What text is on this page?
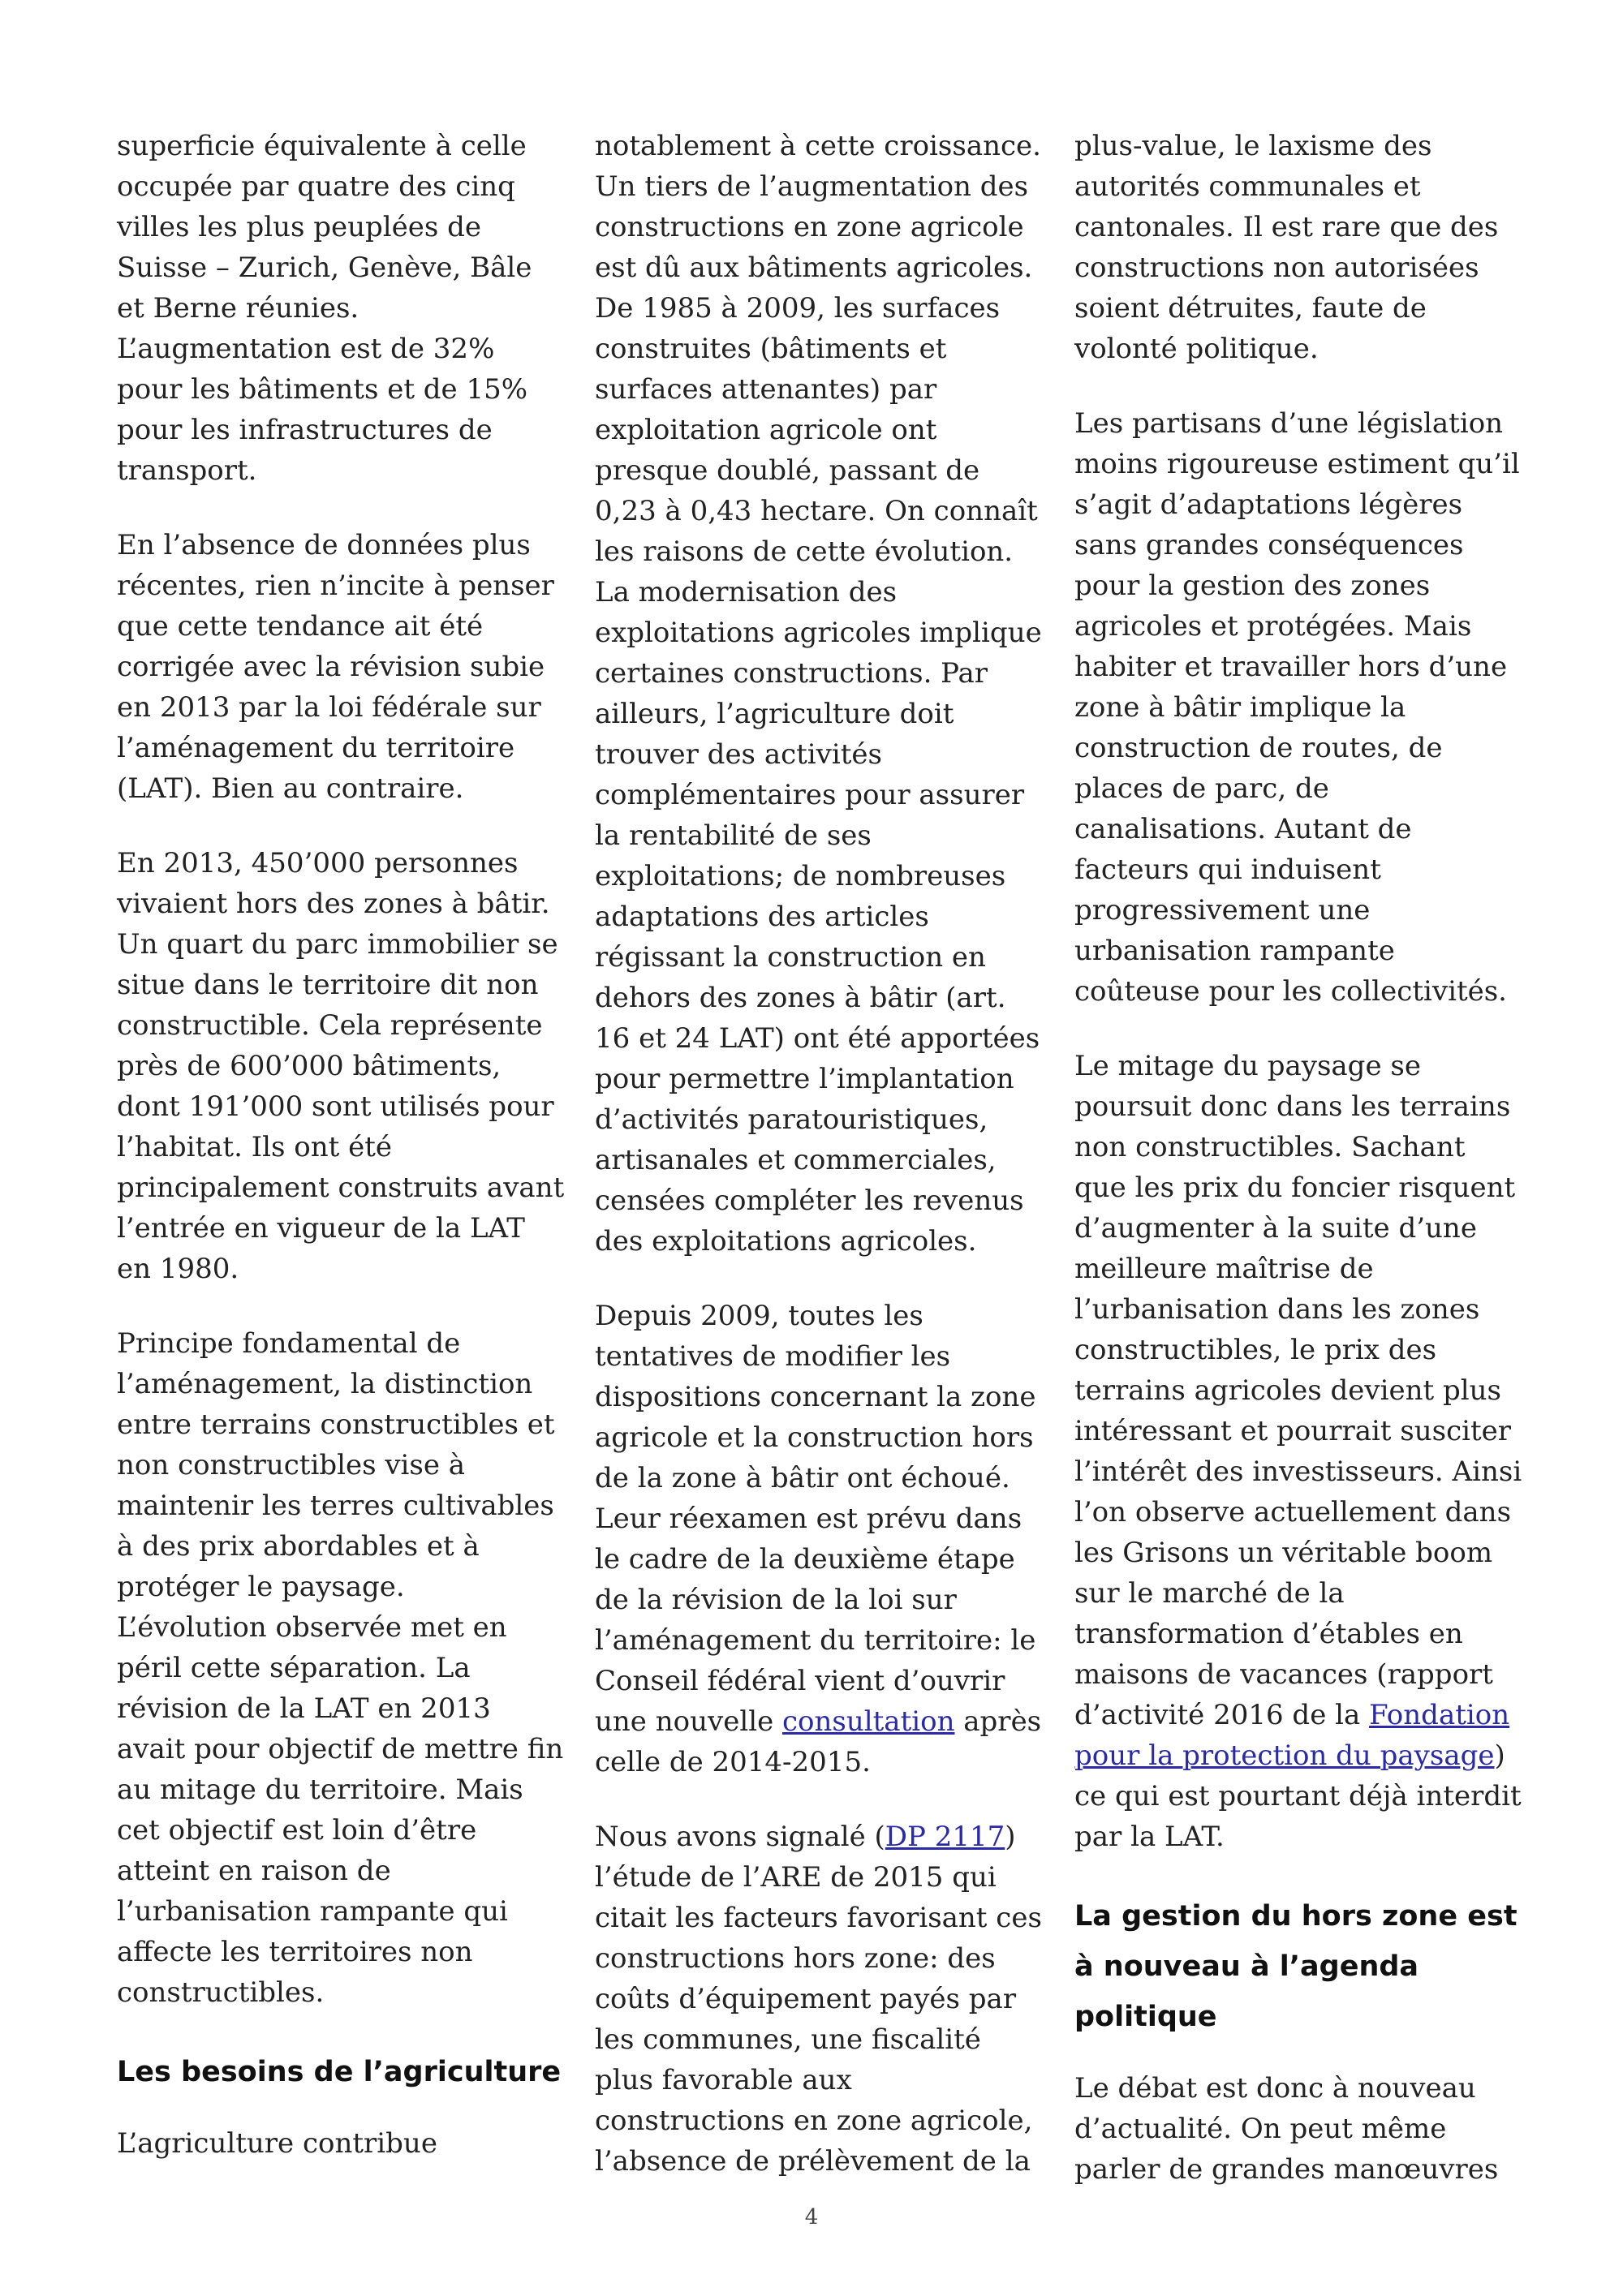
superficie équivalente à celle
occupée par quatre des cinq
villes les plus peuplées de
Suisse – Zurich, Genève, Bâle
et Berne réunies.
L’augmentation est de 32%
pour les bâtiments et de 15%
pour les infrastructures de
transport.
En l’absence de données plus
récentes, rien n’incite à penser
que cette tendance ait été
corrigée avec la révision subie
en 2013 par la loi fédérale sur
l’aménagement du territoire
(LAT). Bien au contraire.
En 2013, 450’000 personnes
vivaient hors des zones à bâtir.
Un quart du parc immobilier se
situe dans le territoire dit non
constructible. Cela représente
près de 600’000 bâtiments,
dont 191’000 sont utilisés pour
l’habitat. Ils ont été
principalement construits avant
l’entrée en vigueur de la LAT
en 1980.
Principe fondamental de
l’aménagement, la distinction
entre terrains constructibles et
non constructibles vise à
maintenir les terres cultivables
à des prix abordables et à
protéger le paysage.
L’évolution observée met en
péril cette séparation. La
révision de la LAT en 2013
avait pour objectif de mettre fin
au mitage du territoire. Mais
cet objectif est loin d’être
atteint en raison de
l’urbanisation rampante qui
affecte les territoires non
constructibles.
Les besoins de l’agriculture
L’agriculture contribue
notablement à cette croissance.
Un tiers de l’augmentation des
constructions en zone agricole
est dû aux bâtiments agricoles.
De 1985 à 2009, les surfaces
construites (bâtiments et
surfaces attenantes) par
exploitation agricole ont
presque doublé, passant de
0,23 à 0,43 hectare. On connaît
les raisons de cette évolution.
La modernisation des
exploitations agricoles implique
certaines constructions. Par
ailleurs, l’agriculture doit
trouver des activités
complémentaires pour assurer
la rentabilité de ses
exploitations; de nombreuses
adaptations des articles
régissant la construction en
dehors des zones à bâtir (art.
16 et 24 LAT) ont été apportées
pour permettre l’implantation
d’activités paratouristiques,
artisanales et commerciales,
censées compléter les revenus
des exploitations agricoles.
Depuis 2009, toutes les
tentatives de modifier les
dispositions concernant la zone
agricole et la construction hors
de la zone à bâtir ont échoué.
Leur réexamen est prévu dans
le cadre de la deuxième étape
de la révision de la loi sur
l’aménagement du territoire: le
Conseil fédéral vient d’ouvrir
une nouvelle consultation après
celle de 2014-2015.
Nous avons signalé (DP 2117)
l’étude de l’ARE de 2015 qui
citait les facteurs favorisant ces
constructions hors zone: des
coûts d’équipement payés par
les communes, une fiscalité
plus favorable aux
constructions en zone agricole,
l’absence de prélèvement de la
plus-value, le laxisme des
autorités communales et
cantonales. Il est rare que des
constructions non autorisées
soient détruites, faute de
volonté politique.
Les partisans d’une législation
moins rigoureuse estiment qu’il
s’agit d’adaptations légères
sans grandes conséquences
pour la gestion des zones
agricoles et protégées. Mais
habiter et travailler hors d’une
zone à bâtir implique la
construction de routes, de
places de parc, de
canalisations. Autant de
facteurs qui induisent
progressivement une
urbanisation rampante
coûteuse pour les collectivités.
Le mitage du paysage se
poursuit donc dans les terrains
non constructibles. Sachant
que les prix du foncier risquent
d’augmenter à la suite d’une
meilleure maîtrise de
l’urbanisation dans les zones
constructibles, le prix des
terrains agricoles devient plus
intéressant et pourrait susciter
l’intérêt des investisseurs. Ainsi
l’on observe actuellement dans
les Grisons un véritable boom
sur le marché de la
transformation d’étables en
maisons de vacances (rapport
d’activité 2016 de la Fondation
pour la protection du paysage)
ce qui est pourtant déjà interdit
par la LAT.
La gestion du hors zone est
à nouveau à l’agenda
politique
Le débat est donc à nouveau
d’actualité. On peut même
parler de grandes manœuvres
4
